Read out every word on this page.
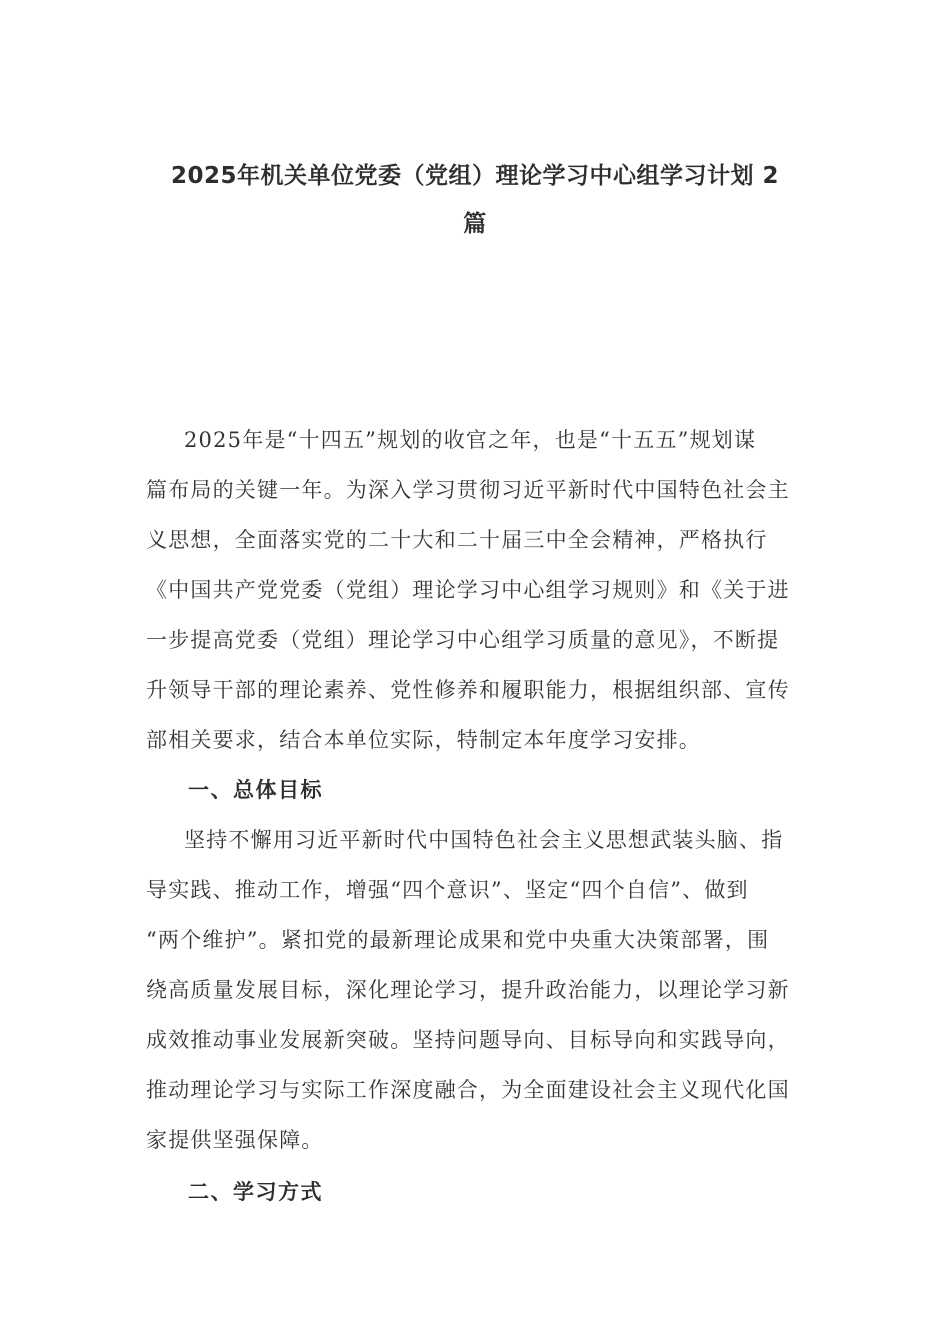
2025年机关单位党委（党组）理论学习中心组学习计划 2
篇
2025年是“十四五”规划的收官之年，也是“十五五”规划谋
篇布局的关键一年。为深入学习贯彻习近平新时代中国特色社会主
义思想，全面落实党的二十大和二十届三中全会精神，严格执行
《中国共产党党委（党组）理论学习中心组学习规则》和《关于进
一步提高党委（党组）理论学习中心组学习质量的意见》，不断提
升领导干部的理论素养、党性修养和履职能力，根据组织部、宣传
部相关要求，结合本单位实际，特制定本年度学习安排。
一、总体目标
坚持不懈用习近平新时代中国特色社会主义思想武装头脑、指
导实践、推动工作，增强“四个意识”、坚定“四个自信”、做到
“两个维护”。紧扣党的最新理论成果和党中央重大决策部署，围
绕高质量发展目标，深化理论学习，提升政治能力，以理论学习新
成效推动事业发展新突破。坚持问题导向、目标导向和实践导向，
推动理论学习与实际工作深度融合，为全面建设社会主义现代化国
家提供坚强保障。
二、学习方式
